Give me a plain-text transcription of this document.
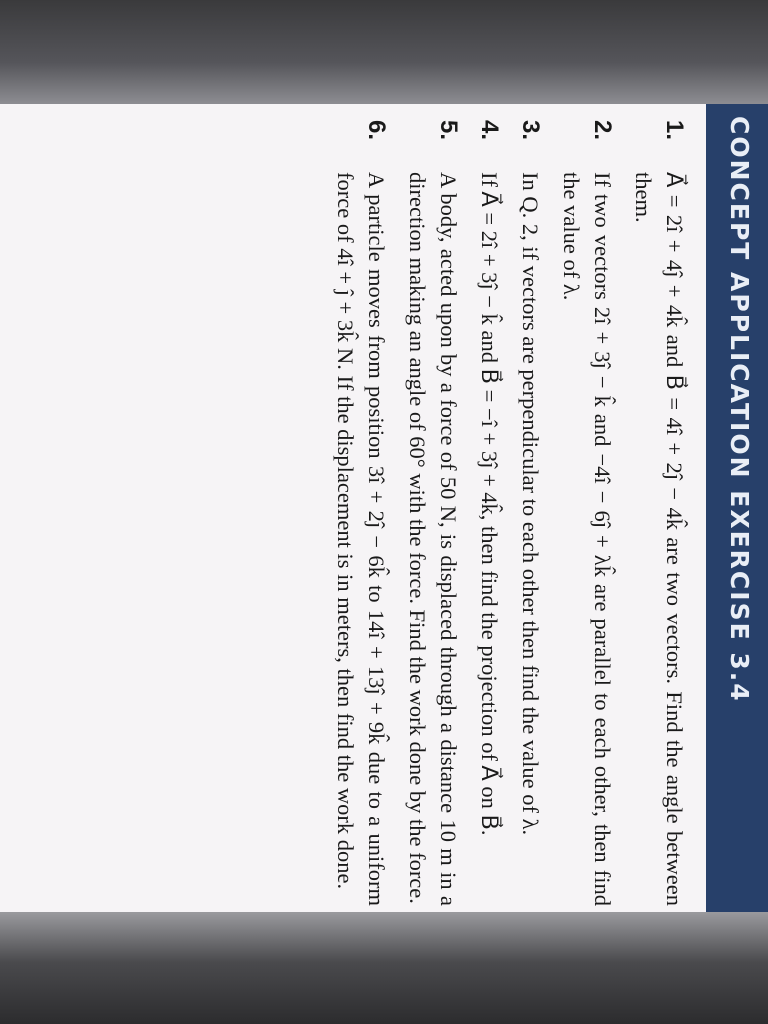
CONCEPT APPLICATION EXERCISE 3.4
1.
A⃗ = 2î + 4ĵ + 4k̂ and B⃗ = 4î + 2ĵ − 4k̂ are two vectors. Find the angle between them.
2.
If two vectors 2î + 3ĵ − k̂ and −4î − 6ĵ + λk̂ are parallel to each other, then find the value of λ.
3.
In Q. 2, if vectors are perpendicular to each other then find the value of λ.
4.
If A⃗ = 2î + 3ĵ − k̂ and B⃗ = −î + 3ĵ + 4k̂, then find the projection of A⃗ on B⃗.
5.
A body, acted upon by a force of 50 N, is displaced through a distance 10 m in a direction making an angle of 60° with the force. Find the work done by the force.
6.
A particle moves from position 3î + 2ĵ − 6k̂ to 14î + 13ĵ + 9k̂ due to a uniform force of 4î + ĵ + 3k̂ N. If the displacement is in meters, then find the work done.
